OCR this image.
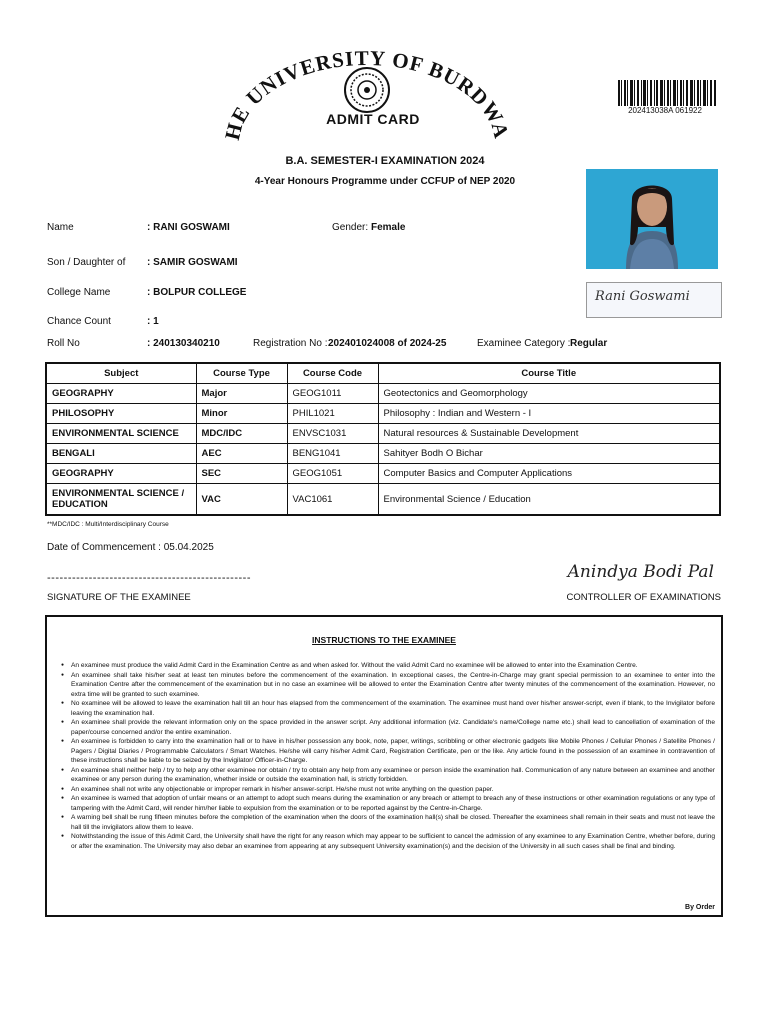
HE UNIVERSITY OF BURDWA
ADMIT CARD
202413038A 061922
B.A. SEMESTER-I EXAMINATION 2024
4-Year Honours Programme under CCFUP of NEP 2020
Rani Goswami
Name	: RANI GOSWAMI	Gender: Female
Son / Daughter of : SAMIR GOSWAMI
College Name	: BOLPUR COLLEGE
Chance Count	: 1
Roll No	: 240130340210	Registration No : 202401024008 of 2024-25	Examinee Category : Regular
Subject	Course Type	Course Code	Course Title
GEOGRAPHY	Major	GEOG1011	Geotectonics and Geomorphology
PHILOSOPHY	Minor	PHIL1021	Philosophy : Indian and Western - I
ENVIRONMENTAL SCIENCE	MDC/IDC	ENVSC1031	Natural resources & Sustainable Development
BENGALI	AEC	BENG1041	Sahityer Bodh O Bichar
GEOGRAPHY	SEC	GEOG1051	Computer Basics and Computer Applications
ENVIRONMENTAL SCIENCE / EDUCATION	VAC	VAC1061	Environmental Science / Education
**MDC/IDC : Multi/Interdisciplinary Course
Date of Commencement : 05.04.2025
-------------------------------------------------
SIGNATURE OF THE EXAMINEE
Anindya Bodi Pal
CONTROLLER OF EXAMINATIONS
INSTRUCTIONS TO THE EXAMINEE
● An examinee must produce the valid Admit Card in the Examination Centre as and when asked for. Without the valid Admit Card no examinee will be allowed to enter into the Examination Centre.
● An examinee shall take his/her seat at least ten minutes before the commencement of the examination. In exceptional cases, the Centre-in-Charge may grant special permission to an examinee to enter into the Examination Centre after the commencement of the examination but in no case an examinee will be allowed to enter the Examination Centre after twenty minutes of the commencement of the examination. However, no extra time will be granted to such examinee.
● No examinee will be allowed to leave the examination hall till an hour has elapsed from the commencement of the examination. The examinee must hand over his/her answer-script, even if blank, to the Invigilator before leaving the examination hall.
● An examinee shall provide the relevant information only on the space provided in the answer script. Any additional information (viz. Candidate's name/College name etc.) shall lead to cancellation of examination of the paper/course concerned and/or the entire examination.
● An examinee is forbidden to carry into the examination hall or to have in his/her possession any book, note, paper, writings, scribbling or other electronic gadgets like Mobile Phones / Cellular Phones / Satellite Phones / Pagers / Digital Diaries / Programmable Calculators / Smart Watches. He/she will carry his/her Admit Card, Registration Certificate, pen or the like. Any article found in the possession of an examinee in contravention of these instructions shall be liable to be seized by the Invigilator/ Officer-in-Charge.
● An examinee shall neither help / try to help any other examinee nor obtain / try to obtain any help from any examinee or person inside the examination hall. Communication of any nature between an examinee and another examinee or any person during the examination, whether inside or outside the examination hall, is strictly forbidden.
● An examinee shall not write any objectionable or improper remark in his/her answer-script. He/she must not write anything on the question paper.
● An examinee is warned that adoption of unfair means or an attempt to adopt such means during the examination or any breach or attempt to breach any of these instructions or other examination regulations or any type of tampering with the Admit Card, will render him/her liable to expulsion from the examination or to be reported against by the Centre-in-Charge.
● A warning bell shall be rung fifteen minutes before the completion of the examination when the doors of the examination hall(s) shall be closed. Thereafter the examinees shall remain in their seats and must not leave the hall till the invigilators allow them to leave.
● Notwithstanding the issue of this Admit Card, the University shall have the right for any reason which may appear to be sufficient to cancel the admission of any examinee to any Examination Centre, whether before, during or after the examination. The University may also debar an examinee from appearing at any subsequent University examination(s) and the decision of the University in all such cases shall be final and binding.
By Order
